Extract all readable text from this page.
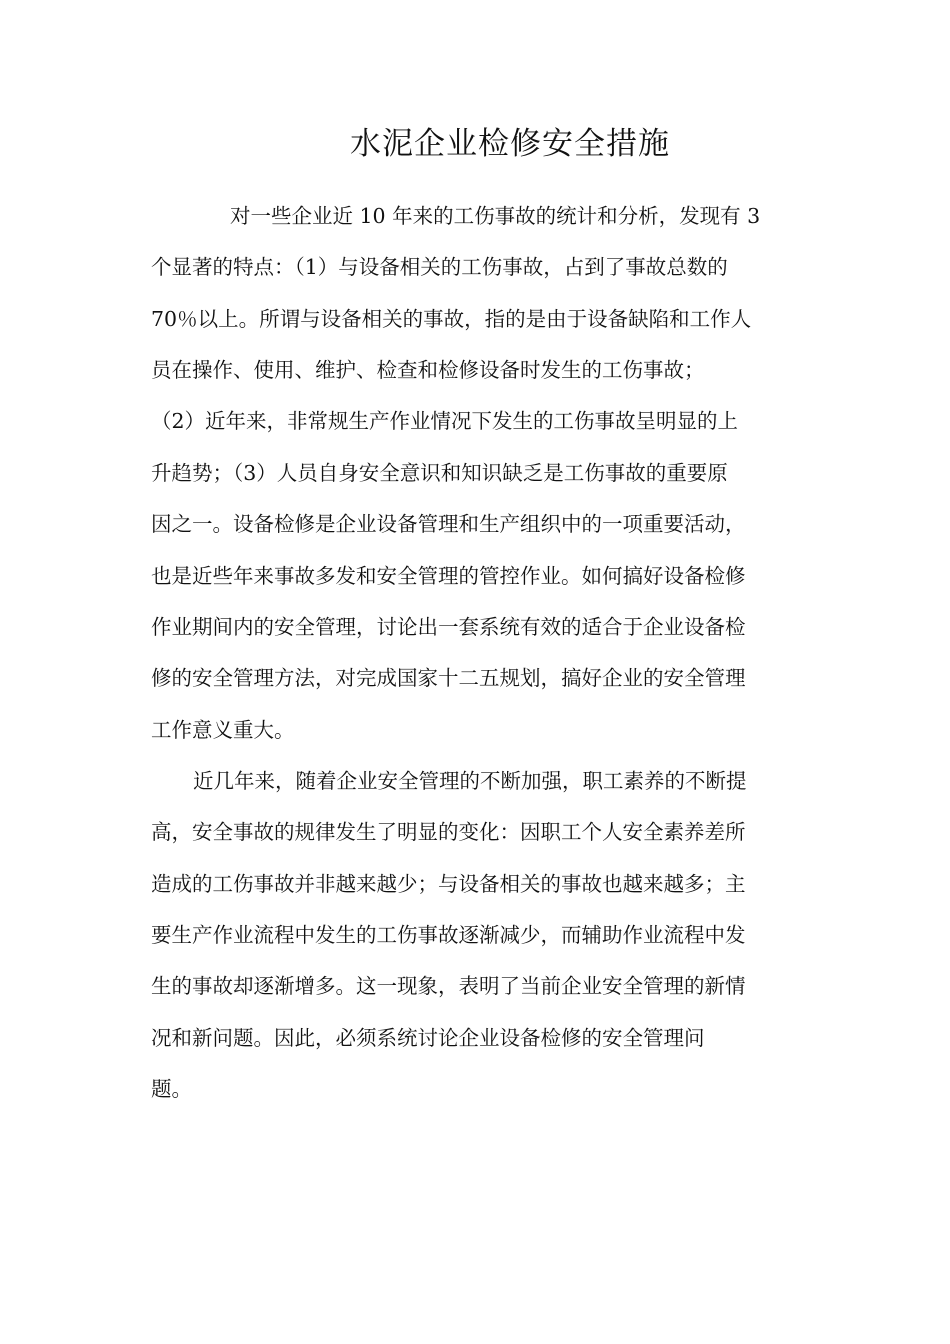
水泥企业检修安全措施
对一些企业近 10 年来的工伤事故的统计和分析，发现有 3
个显著的特点：（1）与设备相关的工伤事故，占到了事故总数的
70％以上。所谓与设备相关的事故，指的是由于设备缺陷和工作人
员在操作、使用、维护、检查和检修设备时发生的工伤事故；
（2）近年来，非常规生产作业情况下发生的工伤事故呈明显的上
升趋势；（3）人员自身安全意识和知识缺乏是工伤事故的重要原
因之一。设备检修是企业设备管理和生产组织中的一项重要活动，
也是近些年来事故多发和安全管理的管控作业。如何搞好设备检修
作业期间内的安全管理，讨论出一套系统有效的适合于企业设备检
修的安全管理方法，对完成国家十二五规划，搞好企业的安全管理
工作意义重大。
近几年来，随着企业安全管理的不断加强，职工素养的不断提
高，安全事故的规律发生了明显的变化：因职工个人安全素养差所
造成的工伤事故并非越来越少；与设备相关的事故也越来越多；主
要生产作业流程中发生的工伤事故逐渐减少，而辅助作业流程中发
生的事故却逐渐增多。这一现象，表明了当前企业安全管理的新情
况和新问题。因此，必须系统讨论企业设备检修的安全管理问
题。
